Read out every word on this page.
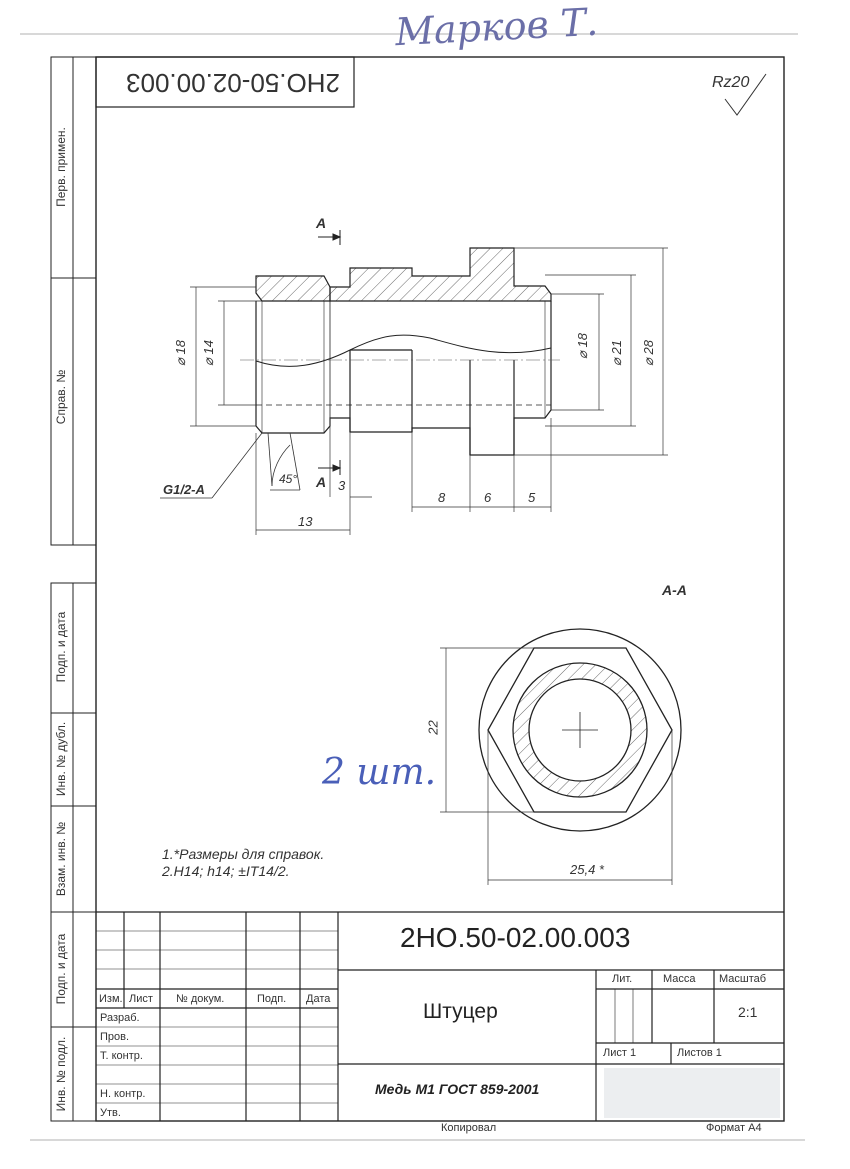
Марков Т.
2 шт.
2НО.50-02.00.003	Rz20
Перв. примен.
Справ. №
Подп. и дата
Инв. № дубл.
Взам. инв. №
Подп. и дата
Инв. № подл.
А
А
⌀ 18 ⌀ 14	⌀ 18 ⌀ 21 ⌀ 28
G1/2-A
45°	3
13
8	6	5
А-А
22
25,4 *
1.*Размеры для справок.
2.H14; h14; ±IT14/2.
2НО.50-02.00.003
Штуцер
Медь М1 ГОСТ 859-2001
Изм. Лист № докум.	Подп. Дата
Разраб.
Пров.
Т. контр.
Н. контр.
Утв.
Лит.	Масса Масштаб
2:1
Лист 1	Листов 1
Копировал	Формат А4
